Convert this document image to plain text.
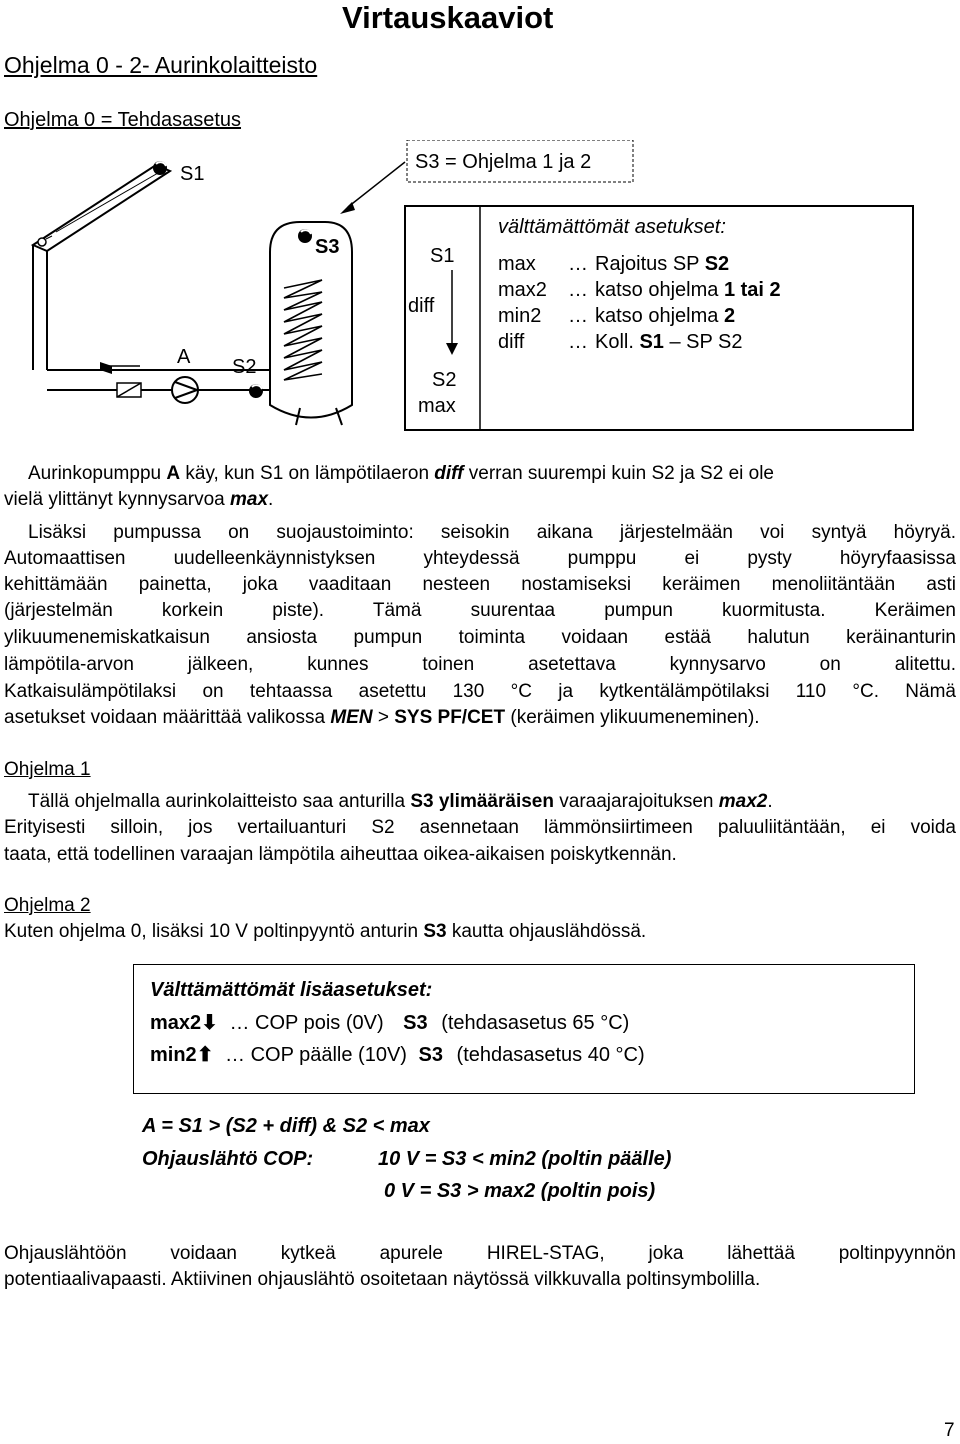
Virtauskaaviot
Ohjelma 0 - 2- Aurinkolaitteisto
Ohjelma 0 = Tehdasasetus
S1
A S2
S3
S3 = Ohjelma 1 ja 2
S1
diff
S2
max
välttämättömät asetukset:
max … Rajoitus SP S2
max2 … katso ohjelma 1 tai 2
min2 … katso ohjelma 2
diff … Koll. S1 – SP S2
Aurinkopumppu A käy, kun S1 on lämpötilaeron diff verran suurempi kuin S2 ja S2 ei ole
vielä ylittänyt kynnysarvoa max.
Lisäksi pumpussa on suojaustoiminto: seisokin aikana järjestelmään voi syntyä höyryä.
Automaattisen uudelleenkäynnistyksen yhteydessä pumppu ei pysty höyryfaasissa
kehittämään painetta, joka vaaditaan nesteen nostamiseksi keräimen menoliitäntään asti
(järjestelmän korkein piste). Tämä suurentaa pumpun kuormitusta. Keräimen
ylikuumenemiskatkaisun ansiosta pumpun toiminta voidaan estää halutun keräinanturin
lämpötila-arvon jälkeen, kunnes toinen asetettava kynnysarvo on alitettu.
Katkaisulämpötilaksi on tehtaassa asetettu 130 °C ja kytkentälämpötilaksi 110 °C. Nämä
asetukset voidaan määrittää valikossa MEN > SYS PF/CET (keräimen ylikuumeneminen).
Ohjelma 1
Tällä ohjelmalla aurinkolaitteisto saa anturilla S3 ylimääräisen varaajarajoituksen max2.
Erityisesti silloin, jos vertailuanturi S2 asennetaan lämmönsiirtimeen paluuliitäntään, ei voida
taata, että todellinen varaajan lämpötila aiheuttaa oikea-aikaisen poiskytkennän.
Ohjelma 2
Kuten ohjelma 0, lisäksi 10 V poltinpyyntö anturin S3 kautta ohjauslähdössä.
Välttämättömät lisäasetukset:
max2⬇ … COP pois (0V) S3 (tehdasasetus 65 °C)
min2⬆ … COP päälle (10V) S3 (tehdasasetus 40 °C)
A = S1 > (S2 + diff) & S2 < max
Ohjauslähtö COP:	10 V = S3 < min2 (poltin päälle)
0 V = S3 > max2 (poltin pois)
Ohjauslähtöön voidaan kytkeä apurele HIREL-STAG, joka lähettää poltinpyynnön
potentiaalivapaasti. Aktiivinen ohjauslähtö osoitetaan näytössä vilkkuvalla poltinsymbolilla.
7
